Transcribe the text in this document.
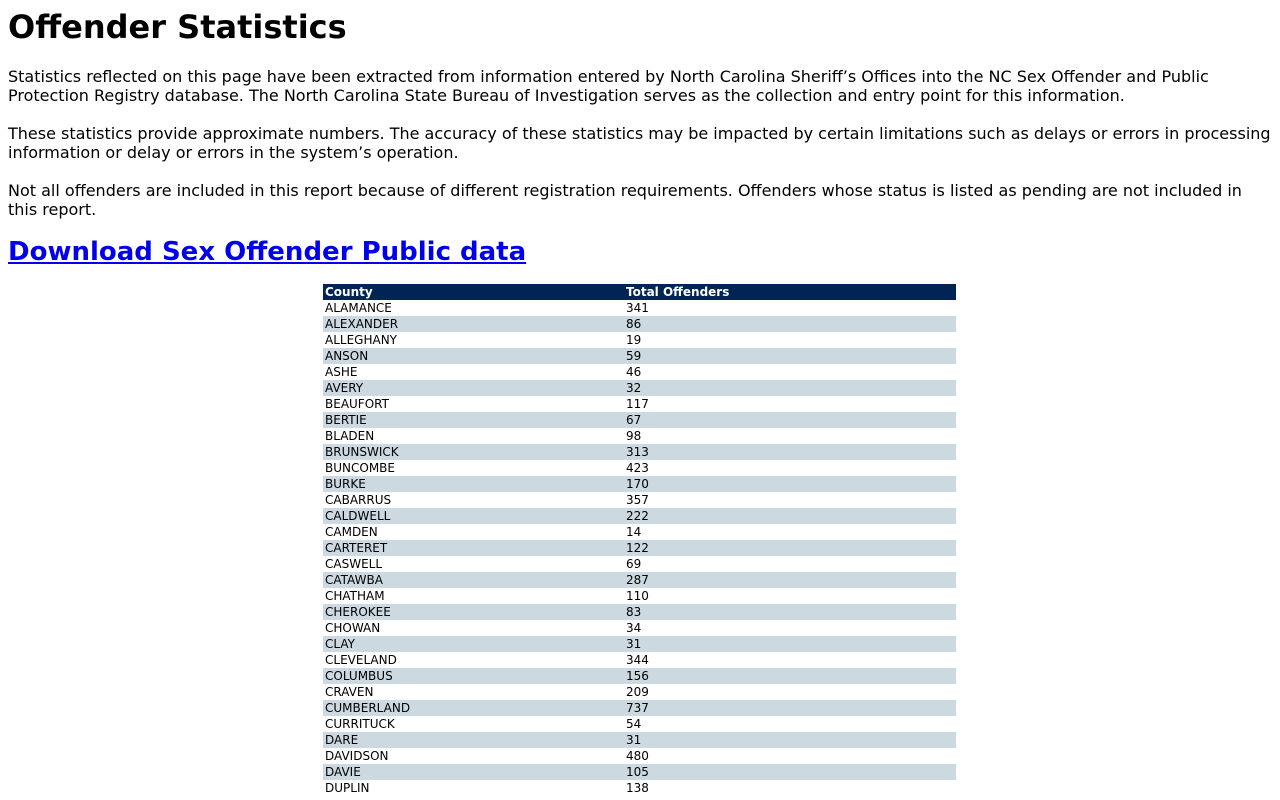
Offender Statistics

Statistics reflected on this page have been extracted from information entered by North Carolina Sheriff’s Offices into the NC Sex Offender and Public Protection Registry database. The North Carolina State Bureau of Investigation serves as the collection and entry point for this information.

These statistics provide approximate numbers. The accuracy of these statistics may be impacted by certain limitations such as delays or errors in processing information or delay or errors in the system’s operation.

Not all offenders are included in this report because of different registration requirements. Offenders whose status is listed as pending are not included in this report.

Download Sex Offender Public data
County	Total Offenders
ALAMANCE	341
ALEXANDER	86
ALLEGHANY	19
ANSON	59
ASHE	46
AVERY	32
BEAUFORT	117
BERTIE	67
BLADEN	98
BRUNSWICK	313
BUNCOMBE	423
BURKE	170
CABARRUS	357
CALDWELL	222
CAMDEN	14
CARTERET	122
CASWELL	69
CATAWBA	287
CHATHAM	110
CHEROKEE	83
CHOWAN	34
CLAY	31
CLEVELAND	344
COLUMBUS	156
CRAVEN	209
CUMBERLAND	737
CURRITUCK	54
DARE	31
DAVIDSON	480
DAVIE	105
DUPLIN	138
